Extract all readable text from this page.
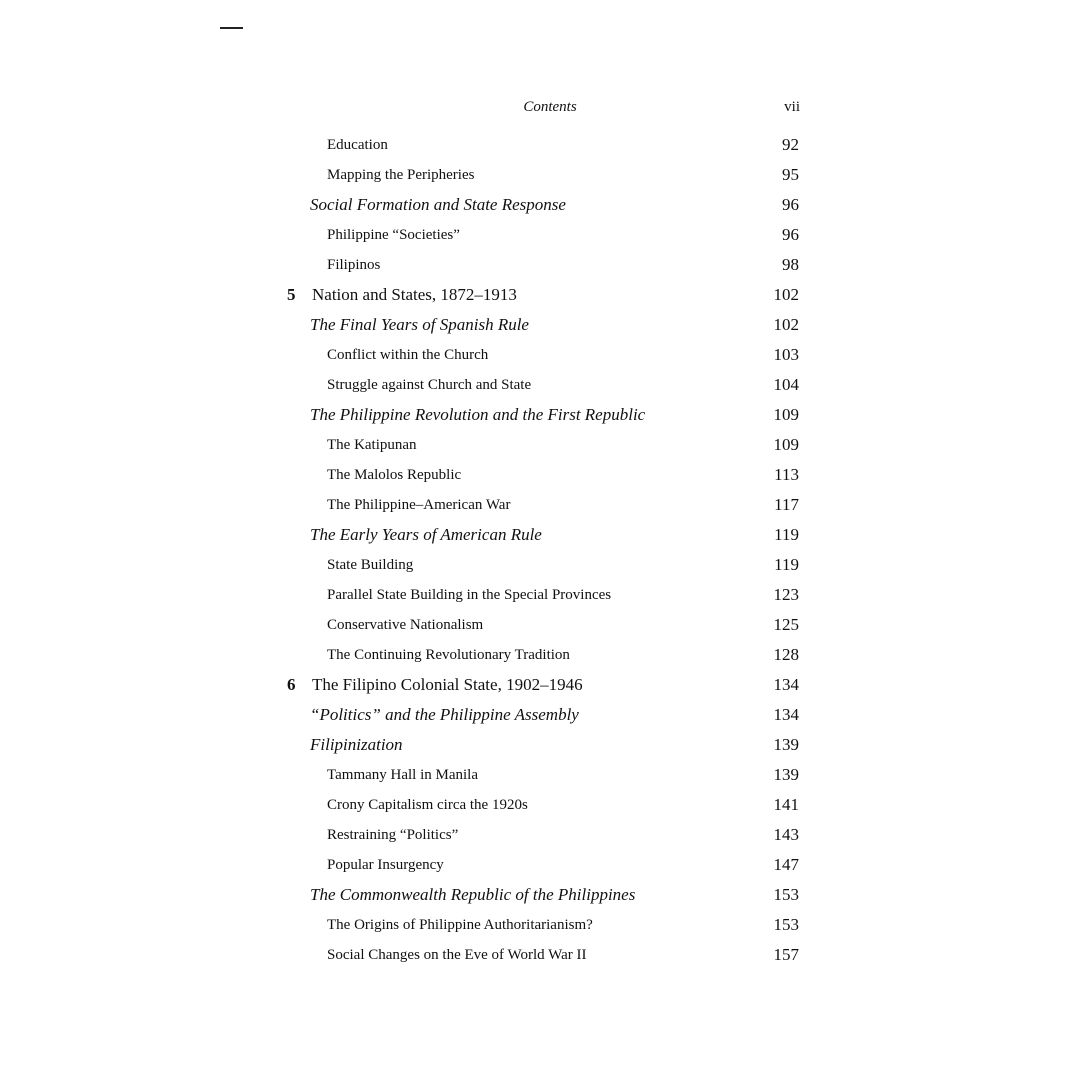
Contents	vii
Education	92
Mapping the Peripheries	95
Social Formation and State Response	96
Philippine “Societies”	96
Filipinos	98
5 Nation and States, 1872–1913	102
The Final Years of Spanish Rule	102
Conflict within the Church	103
Struggle against Church and State	104
The Philippine Revolution and the First Republic	109
The Katipunan	109
The Malolos Republic	113
The Philippine–American War	117
The Early Years of American Rule	119
State Building	119
Parallel State Building in the Special Provinces	123
Conservative Nationalism	125
The Continuing Revolutionary Tradition	128
6 The Filipino Colonial State, 1902–1946	134
“Politics” and the Philippine Assembly	134
Filipinization	139
Tammany Hall in Manila	139
Crony Capitalism circa the 1920s	141
Restraining “Politics”	143
Popular Insurgency	147
The Commonwealth Republic of the Philippines	153
The Origins of Philippine Authoritarianism?	153
Social Changes on the Eve of World War II	157
